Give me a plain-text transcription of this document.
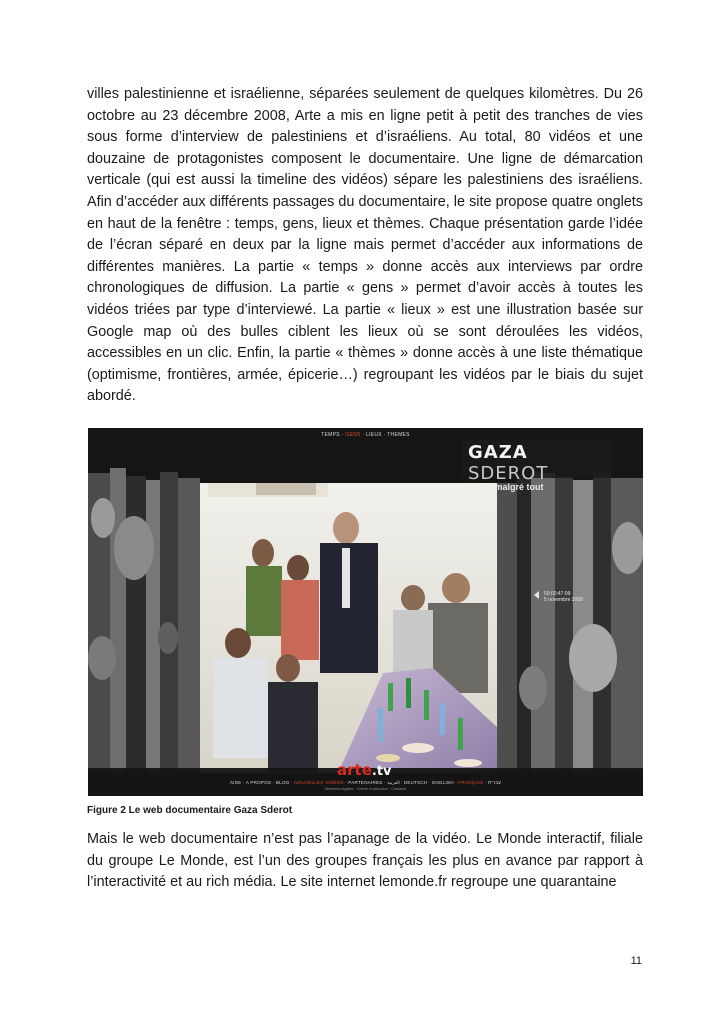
villes palestinienne et israélienne, séparées seulement de quelques kilomètres. Du 26 octobre au 23 décembre 2008, Arte a mis en ligne petit à petit des tranches de vies sous forme d’interview de palestiniens et d’israéliens. Au total, 80 vidéos et une douzaine de protagonistes composent le documentaire. Une ligne de démarcation verticale (qui est aussi la timeline des vidéos) sépare les palestiniens des israéliens. Afin d’accéder aux différents passages du documentaire, le site propose quatre onglets en haut de la fenêtre : temps, gens, lieux et thèmes. Chaque présentation garde l’idée de l’écran séparé en deux par la ligne mais permet d’accéder aux informations de différentes manières. La partie « temps » donne accès aux interviews par ordre chronologiques de diffusion. La partie « gens » permet d’avoir accès à toutes les vidéos triées par type d’interviewé. La partie « lieux » est une illustration basée sur Google map où des bulles ciblent les lieux où se sont déroulées les vidéos, accessibles en un clic. Enfin, la partie « thèmes » donne accès à une liste thématique (optimisme, frontières, armée, épicerie…) regroupant les vidéos par le biais du sujet abordé.

TEMPS · GENS · LIEUX · THEMES
GAZA SDEROT
La vie malgré tout
00:00:47:99
5 novembre 2008
arte.tv
AIDE · A PROPOS · BLOG · NOUVELLES VIDÉOS · PARTENAIRES · العربية · DEUTSCH · ENGLISH · FRANÇAIS · עברית
Mentions légales · Charte d'utilisation · Contacts

Figure 2 Le web documentaire Gaza Sderot

Mais le web documentaire n’est pas l’apanage de la vidéo. Le Monde interactif, filiale du groupe Le Monde, est l’un des groupes français les plus en avance par rapport à l’interactivité et au rich média. Le site internet lemonde.fr regroupe une quarantaine

11
